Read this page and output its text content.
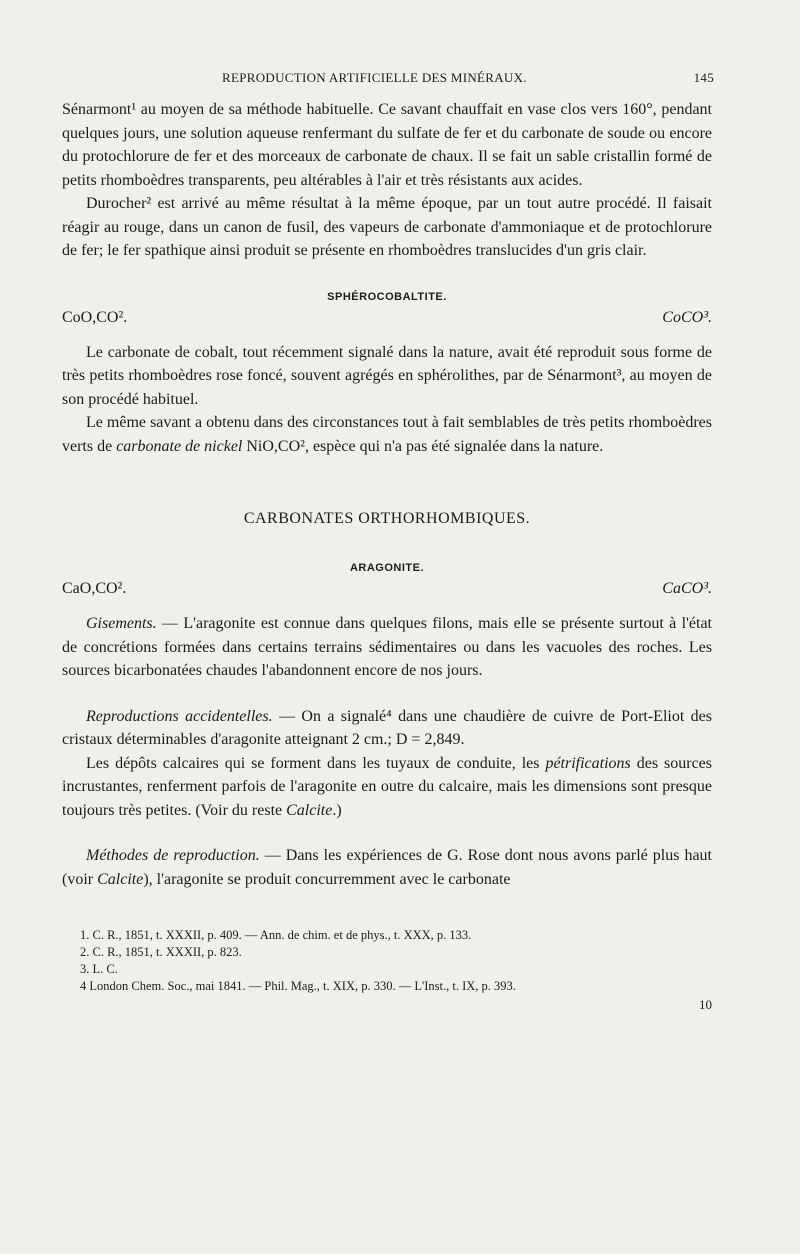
REPRODUCTION ARTIFICIELLE DES MINÉRAUX.	145

Sénarmont¹ au moyen de sa méthode habituelle. Ce savant chauffait en vase clos vers 160°, pendant quelques jours, une solution aqueuse renfermant du sulfate de fer et du carbonate de soude ou encore du protochlorure de fer et des morceaux de carbonate de chaux. Il se fait un sable cristallin formé de petits rhomboèdres transparents, peu altérables à l'air et très résistants aux acides.

Durocher² est arrivé au même résultat à la même époque, par un tout autre procédé. Il faisait réagir au rouge, dans un canon de fusil, des vapeurs de carbonate d'ammoniaque et de protochlorure de fer; le fer spathique ainsi produit se présente en rhomboèdres translucides d'un gris clair.

SPHÉROCOBALTITE.
CoO,CO².	CoCO³.

Le carbonate de cobalt, tout récemment signalé dans la nature, avait été reproduit sous forme de très petits rhomboèdres rose foncé, souvent agrégés en sphérolithes, par de Sénarmont³, au moyen de son procédé habituel.

Le même savant a obtenu dans des circonstances tout à fait semblables de très petits rhomboèdres verts de carbonate de nickel NiO,CO², espèce qui n'a pas été signalée dans la nature.

CARBONATES ORTHORHOMBIQUES.
ARAGONITE.
CaO,CO².	CaCO³.

Gisements. — L'aragonite est connue dans quelques filons, mais elle se présente surtout à l'état de concrétions formées dans certains terrains sédimentaires ou dans les vacuoles des roches. Les sources bicarbonatées chaudes l'abandonnent encore de nos jours.

Reproductions accidentelles. — On a signalé⁴ dans une chaudière de cuivre de Port-Eliot des cristaux déterminables d'aragonite atteignant 2 cm.; D = 2,849.

Les dépôts calcaires qui se forment dans les tuyaux de conduite, les pétrifications des sources incrustantes, renferment parfois de l'aragonite en outre du calcaire, mais les dimensions sont presque toujours très petites. (Voir du reste Calcite.)

Méthodes de reproduction. — Dans les expériences de G. Rose dont nous avons parlé plus haut (voir Calcite), l'aragonite se produit concurremment avec le carbonate

1. C. R., 1851, t. XXXII, p. 409. — Ann. de chim. et de phys., t. XXX, p. 133.
2. C. R., 1851, t. XXXII, p. 823.
3. L. C.
4 London Chem. Soc., mai 1841. — Phil. Mag., t. XIX, p. 330. — L'Inst., t. IX, p. 393.
10
